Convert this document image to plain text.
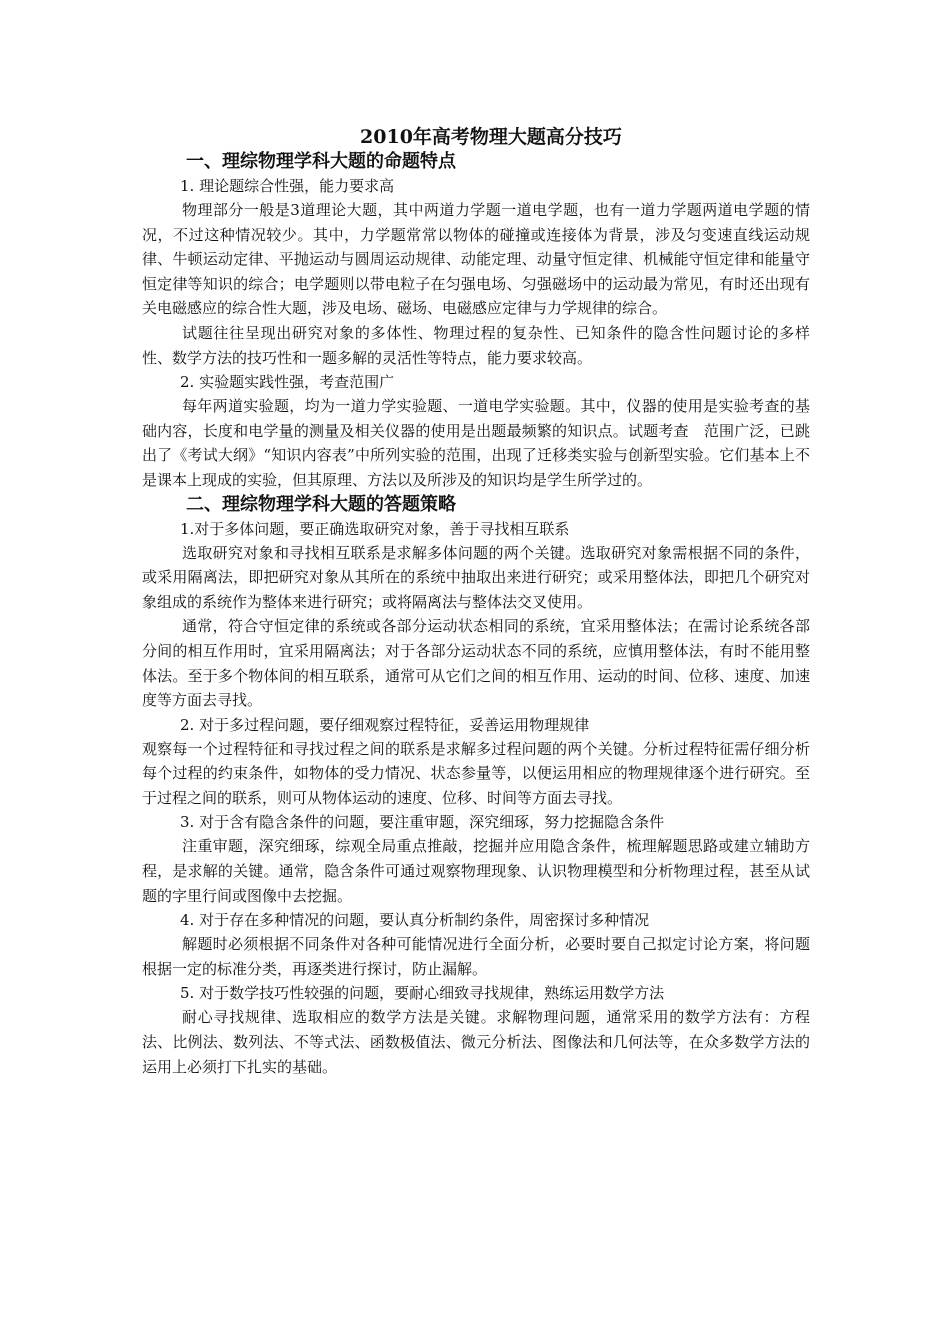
2010年高考物理大题高分技巧
一、理综物理学科大题的命题特点
1. 理论题综合性强，能力要求高

物理部分一般是3道理论大题，其中两道力学题一道电学题，也有一道力学题两道电学题的情况，不过这种情况较少。其中，力学题常常以物体的碰撞或连接体为背景，涉及匀变速直线运动规律、牛顿运动定律、平抛运动与圆周运动规律、动能定理、动量守恒定律、机械能守恒定律和能量守恒定律等知识的综合；电学题则以带电粒子在匀强电场、匀强磁场中的运动最为常见，有时还出现有关电磁感应的综合性大题，涉及电场、磁场、电磁感应定律与力学规律的综合。

试题往往呈现出研究对象的多体性、物理过程的复杂性、已知条件的隐含性问题讨论的多样性、数学方法的技巧性和一题多解的灵活性等特点，能力要求较高。

2. 实验题实践性强，考查范围广

每年两道实验题，均为一道力学实验题、一道电学实验题。其中，仪器的使用是实验考查的基础内容，长度和电学量的测量及相关仪器的使用是出题最频繁的知识点。试题考查　范围广泛，已跳出了《考试大纲》“知识内容表”中所列实验的范围，出现了迁移类实验与创新型实验。它们基本上不是课本上现成的实验，但其原理、方法以及所涉及的知识均是学生所学过的。

二、理综物理学科大题的答题策略
1.对于多体问题，要正确选取研究对象，善于寻找相互联系

选取研究对象和寻找相互联系是求解多体问题的两个关键。选取研究对象需根据不同的条件，或采用隔离法，即把研究对象从其所在的系统中抽取出来进行研究；或采用整体法，即把几个研究对象组成的系统作为整体来进行研究；或将隔离法与整体法交叉使用。

通常，符合守恒定律的系统或各部分运动状态相同的系统，宜采用整体法；在需讨论系统各部分间的相互作用时，宜采用隔离法；对于各部分运动状态不同的系统，应慎用整体法，有时不能用整体法。至于多个物体间的相互联系，通常可从它们之间的相互作用、运动的时间、位移、速度、加速度等方面去寻找。

2. 对于多过程问题，要仔细观察过程特征，妥善运用物理规律

观察每一个过程特征和寻找过程之间的联系是求解多过程问题的两个关键。分析过程特征需仔细分析每个过程的约束条件，如物体的受力情况、状态参量等，以便运用相应的物理规律逐个进行研究。至于过程之间的联系，则可从物体运动的速度、位移、时间等方面去寻找。

3. 对于含有隐含条件的问题，要注重审题，深究细琢，努力挖掘隐含条件

注重审题，深究细琢，综观全局重点推敲，挖掘并应用隐含条件，梳理解题思路或建立辅助方程，是求解的关键。通常，隐含条件可通过观察物理现象、认识物理模型和分析物理过程，甚至从试题的字里行间或图像中去挖掘。

4. 对于存在多种情况的问题，要认真分析制约条件，周密探讨多种情况

解题时必须根据不同条件对各种可能情况进行全面分析，必要时要自己拟定讨论方案，将问题根据一定的标准分类，再逐类进行探讨，防止漏解。

5. 对于数学技巧性较强的问题，要耐心细致寻找规律，熟练运用数学方法

耐心寻找规律、选取相应的数学方法是关键。求解物理问题，通常采用的数学方法有：方程法、比例法、数列法、不等式法、函数极值法、微元分析法、图像法和几何法等，在众多数学方法的运用上必须打下扎实的基础。
